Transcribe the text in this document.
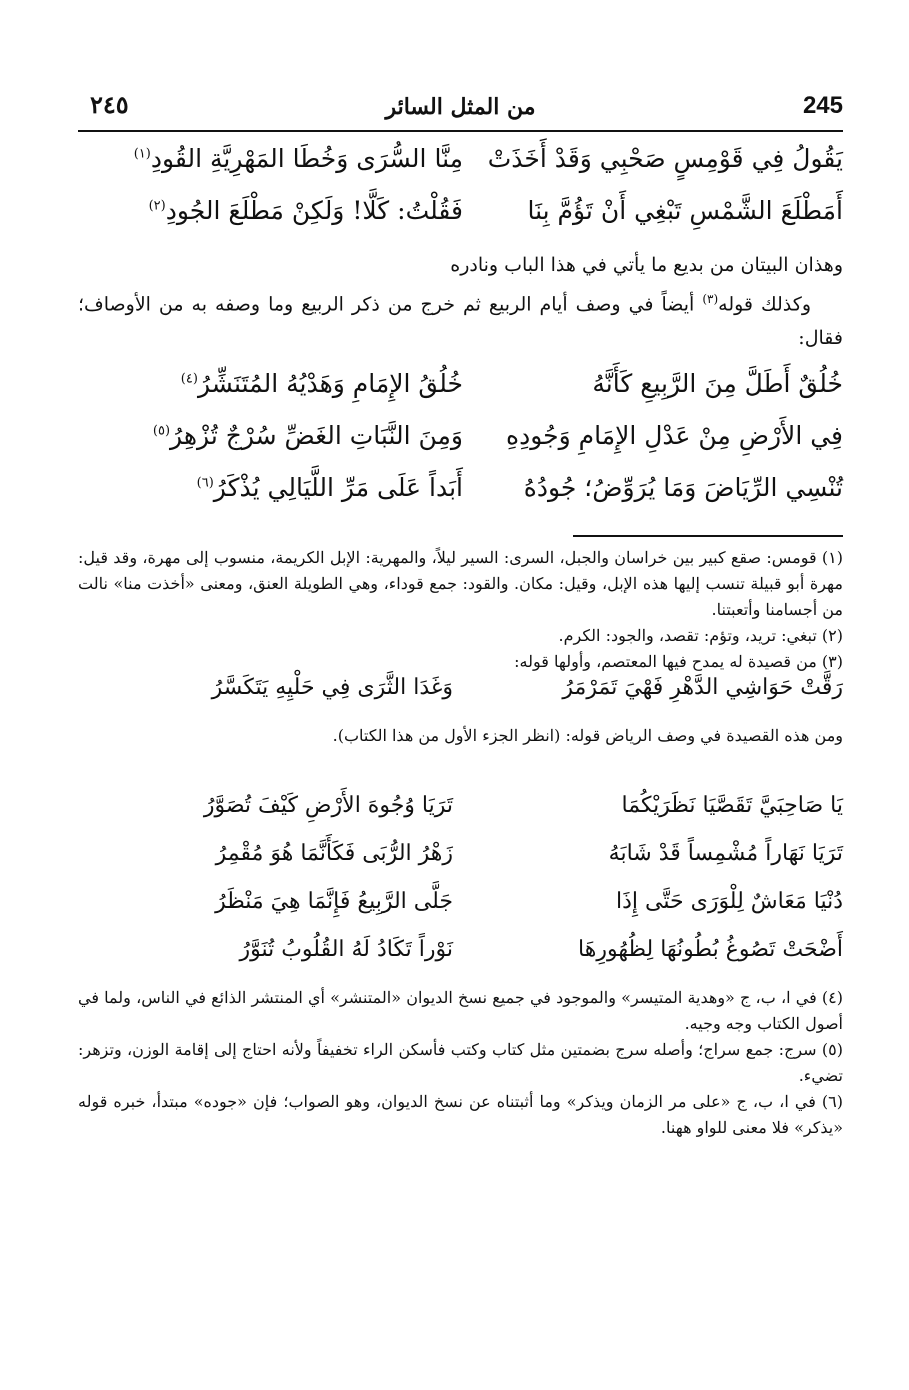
245
من المثل السائر
٢٤٥
يَقُولُ فِي قَوْمِسٍ صَحْبِي وَقَدْ أَخَذَتْ
مِنَّا السُّرَى وَخُطَا المَهْرِيَّةِ القُودِ$^{(١)}$
أَمَطْلَعَ الشَّمْسِ تَبْغِي أَنْ تَؤُمَّ بِنَا
فَقُلْتُ: كَلَّا! وَلَكِنْ مَطْلَعَ الجُودِ$^{(٢)}$

وهذان البيتان من بديع ما يأتي في هذا الباب ونادره

وكذلك قوله$^{(٣)}$ أيضاً في وصف أيام الربيع ثم خرج من ذكر الربيع وما وصفه به من الأوصاف؛ فقال:

خُلُقٌ أَطَلَّ مِنَ الرَّبِيعِ كَأَنَّهُ
خُلُقُ الإِمَامِ وَهَدْيُهُ المُتَنَشِّرُ$^{(٤)}$
فِي الأَرْضِ مِنْ عَدْلِ الإِمَامِ وَجُودِهِ
وَمِنَ النَّبَاتِ الغَضِّ سُرْجٌ تُزْهِرُ$^{(٥)}$
تُنْسِي الرِّيَاضَ وَمَا يُرَوِّضُ؛ جُودُهُ
أَبَداً عَلَى مَرِّ اللَّيَالِي يُذْكَرُ$^{(٦)}$

(١) قومس: صقع كبير بين خراسان والجبل، السرى: السير ليلاً، والمهرية: الإبل الكريمة، منسوب إلى مهرة، وقد قيل: مهرة أبو قبيلة تنسب إليها هذه الإبل، وقيل: مكان. والقود: جمع قوداء، وهي الطويلة العنق، ومعنى «أخذت منا» نالت من أجسامنا وأتعبتنا.

(٢) تبغي: تريد، وتؤم: تقصد، والجود: الكرم.

(٣) من قصيدة له يمدح فيها المعتصم، وأولها قوله:

رَقَّتْ حَوَاشِي الدَّهْرِ فَهْيَ تَمَرْمَرُ
وَغَدَا الثَّرَى فِي حَلْيِهِ يَتَكَسَّرُ

ومن هذه القصيدة في وصف الرياض قوله: (انظر الجزء الأول من هذا الكتاب).

يَا صَاحِبَيَّ تَقَصَّيَا نَظَرَيْكُمَا
تَرَيَا وُجُوهَ الأَرْضِ كَيْفَ تُصَوَّرُ
تَرَيَا نَهَاراً مُشْمِساً قَدْ شَابَهُ
زَهْرُ الرُّبَى فَكَأَنَّمَا هُوَ مُقْمِرُ
دُنْيَا مَعَاشٌ لِلْوَرَى حَتَّى إِذَا
جَلَّى الرَّبِيعُ فَإِنَّمَا هِيَ مَنْظَرُ
أَضْحَتْ تَصُوغُ بُطُونُهَا لِظُهُورِهَا
نَوْراً تَكَادُ لَهُ القُلُوبُ تُنَوَّرُ

(٤) في ا، ب، ج «وهدية المتيسر» والموجود في جميع نسخ الديوان «المتنشر» أي المنتشر الذائع في الناس، ولما في أصول الكتاب وجه وجيه.

(٥) سرج: جمع سراج؛ وأصله سرج بضمتين مثل كتاب وكتب فأسكن الراء تخفيفاً ولأنه احتاج إلى إقامة الوزن، وتزهر: تضيء.

(٦) في ا، ب، ج «على مر الزمان ويذكر» وما أثبتناه عن نسخ الديوان، وهو الصواب؛ فإن «جوده» مبتدأ، خبره قوله «يذكر» فلا معنى للواو ههنا.
